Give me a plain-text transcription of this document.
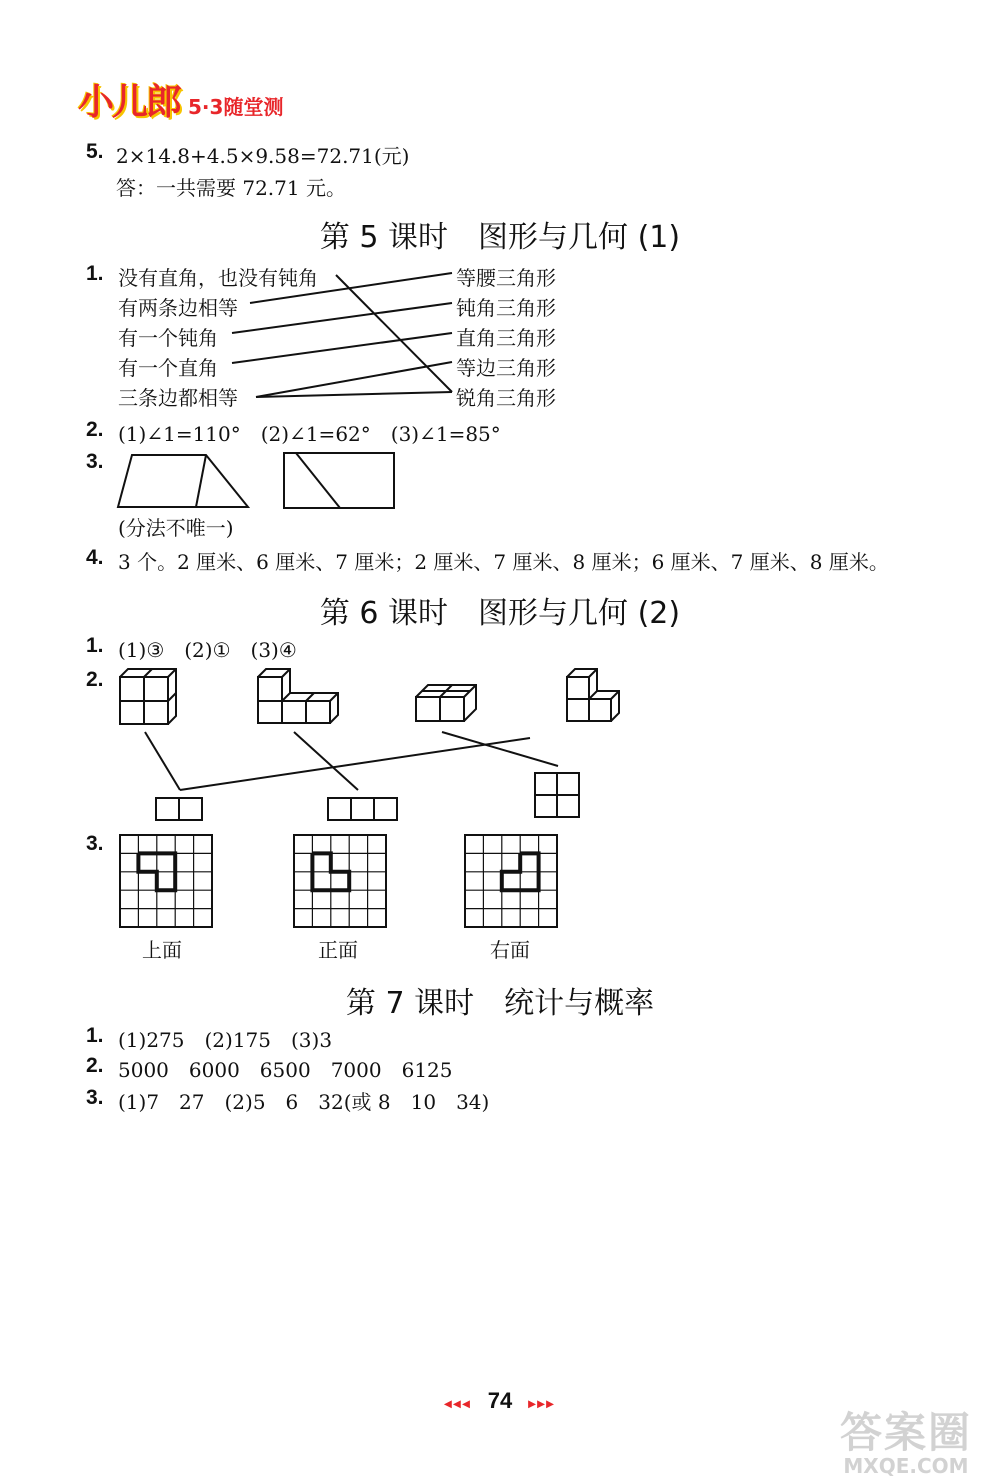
小儿郎 5·3随堂测
5. 2×14.8+4.5×9.58=72.71(元)
答：一共需要 72.71 元。
第 5 课时　图形与几何 (1)
1. 没有直角，也没有钝角
有两条边相等
有一个钝角
有一个直角
三条边都相等
等腰三角形
钝角三角形
直角三角形
等边三角形
锐角三角形
2. (1)∠1=110°　(2)∠1=62°　(3)∠1=85°
3.
(分法不唯一)
4. 3 个。2 厘米、6 厘米、7 厘米；2 厘米、7 厘米、8 厘米；6 厘米、7 厘米、8 厘米。
第 6 课时　图形与几何 (2)
1. (1)③　(2)①　(3)④
2.
3.
上面	正面	右面
第 7 课时　统计与概率
1. (1)275　(2)175　(3)3
2. 5000　6000　6500　7000　6125
3. (1)7　27　(2)5　6　32(或 8　10　34)
◂◂◂ 74 ▸▸▸
答案圈
MXQE.COM
